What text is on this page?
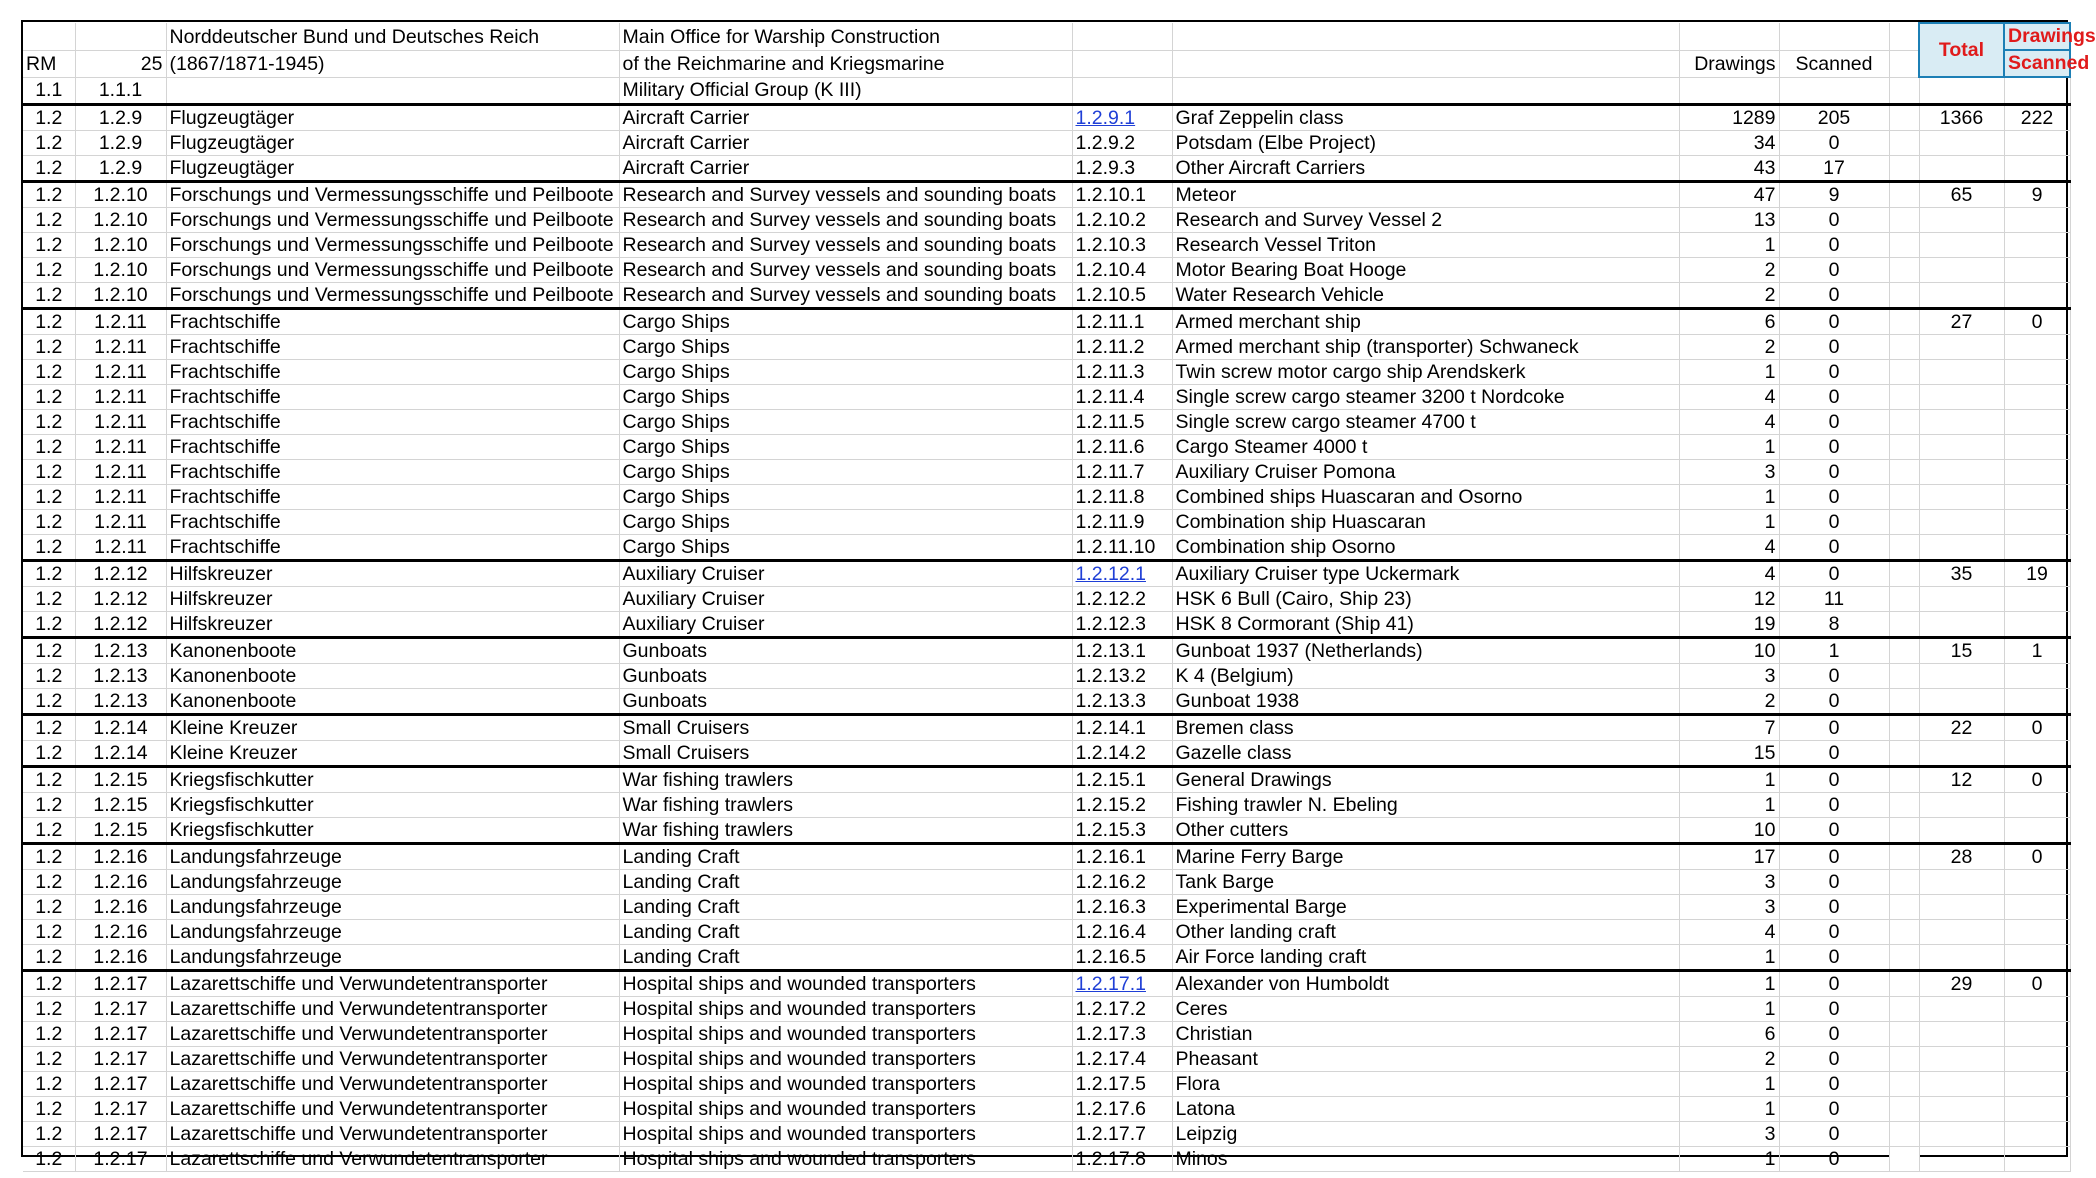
		Norddeutscher Bund und Deutsches Reich	Main Office for Warship Construction						Total	Drawings
RM	25	(1867/1871-1945)	of the Reichmarine and Kriegsmarine			Drawings	Scanned			Scanned
1.1	1.1.1		Military Official Group (K III)							
1.2	1.2.9	Flugzeugtäger	Aircraft Carrier	1.2.9.1	Graf Zeppelin class	1289	205		1366	222
1.2	1.2.9	Flugzeugtäger	Aircraft Carrier	1.2.9.2	Potsdam (Elbe Project)	34	0			
1.2	1.2.9	Flugzeugtäger	Aircraft Carrier	1.2.9.3	Other Aircraft Carriers	43	17			
1.2	1.2.10	Forschungs und Vermessungsschiffe und Peilboote	Research and Survey vessels and sounding boats	1.2.10.1	Meteor	47	9		65	9
1.2	1.2.10	Forschungs und Vermessungsschiffe und Peilboote	Research and Survey vessels and sounding boats	1.2.10.2	Research and Survey Vessel 2	13	0			
1.2	1.2.10	Forschungs und Vermessungsschiffe und Peilboote	Research and Survey vessels and sounding boats	1.2.10.3	Research Vessel Triton	1	0			
1.2	1.2.10	Forschungs und Vermessungsschiffe und Peilboote	Research and Survey vessels and sounding boats	1.2.10.4	Motor Bearing Boat Hooge	2	0			
1.2	1.2.10	Forschungs und Vermessungsschiffe und Peilboote	Research and Survey vessels and sounding boats	1.2.10.5	Water Research Vehicle	2	0			
1.2	1.2.11	Frachtschiffe	Cargo Ships	1.2.11.1	Armed merchant ship	6	0		27	0
1.2	1.2.11	Frachtschiffe	Cargo Ships	1.2.11.2	Armed merchant ship (transporter) Schwaneck	2	0			
1.2	1.2.11	Frachtschiffe	Cargo Ships	1.2.11.3	Twin screw motor cargo ship Arendskerk	1	0			
1.2	1.2.11	Frachtschiffe	Cargo Ships	1.2.11.4	Single screw cargo steamer 3200 t Nordcoke	4	0			
1.2	1.2.11	Frachtschiffe	Cargo Ships	1.2.11.5	Single screw cargo steamer 4700 t	4	0			
1.2	1.2.11	Frachtschiffe	Cargo Ships	1.2.11.6	Cargo Steamer 4000 t	1	0			
1.2	1.2.11	Frachtschiffe	Cargo Ships	1.2.11.7	Auxiliary Cruiser Pomona	3	0			
1.2	1.2.11	Frachtschiffe	Cargo Ships	1.2.11.8	Combined ships Huascaran and Osorno	1	0			
1.2	1.2.11	Frachtschiffe	Cargo Ships	1.2.11.9	Combination ship Huascaran	1	0			
1.2	1.2.11	Frachtschiffe	Cargo Ships	1.2.11.10	Combination ship Osorno	4	0			
1.2	1.2.12	Hilfskreuzer	Auxiliary Cruiser	1.2.12.1	Auxiliary Cruiser type Uckermark	4	0		35	19
1.2	1.2.12	Hilfskreuzer	Auxiliary Cruiser	1.2.12.2	HSK 6 Bull (Cairo, Ship 23)	12	11			
1.2	1.2.12	Hilfskreuzer	Auxiliary Cruiser	1.2.12.3	HSK 8 Cormorant (Ship 41)	19	8			
1.2	1.2.13	Kanonenboote	Gunboats	1.2.13.1	Gunboat 1937 (Netherlands)	10	1		15	1
1.2	1.2.13	Kanonenboote	Gunboats	1.2.13.2	K 4 (Belgium)	3	0			
1.2	1.2.13	Kanonenboote	Gunboats	1.2.13.3	Gunboat 1938	2	0			
1.2	1.2.14	Kleine Kreuzer	Small Cruisers	1.2.14.1	Bremen class	7	0		22	0
1.2	1.2.14	Kleine Kreuzer	Small Cruisers	1.2.14.2	Gazelle class	15	0			
1.2	1.2.15	Kriegsfischkutter	War fishing trawlers	1.2.15.1	General Drawings	1	0		12	0
1.2	1.2.15	Kriegsfischkutter	War fishing trawlers	1.2.15.2	Fishing trawler N. Ebeling	1	0			
1.2	1.2.15	Kriegsfischkutter	War fishing trawlers	1.2.15.3	Other cutters	10	0			
1.2	1.2.16	Landungsfahrzeuge	Landing Craft	1.2.16.1	Marine Ferry Barge	17	0		28	0
1.2	1.2.16	Landungsfahrzeuge	Landing Craft	1.2.16.2	Tank Barge	3	0			
1.2	1.2.16	Landungsfahrzeuge	Landing Craft	1.2.16.3	Experimental Barge	3	0			
1.2	1.2.16	Landungsfahrzeuge	Landing Craft	1.2.16.4	Other landing craft	4	0			
1.2	1.2.16	Landungsfahrzeuge	Landing Craft	1.2.16.5	Air Force landing craft	1	0			
1.2	1.2.17	Lazarettschiffe und Verwundetentransporter	Hospital ships and wounded transporters	1.2.17.1	Alexander von Humboldt	1	0		29	0
1.2	1.2.17	Lazarettschiffe und Verwundetentransporter	Hospital ships and wounded transporters	1.2.17.2	Ceres	1	0			
1.2	1.2.17	Lazarettschiffe und Verwundetentransporter	Hospital ships and wounded transporters	1.2.17.3	Christian	6	0			
1.2	1.2.17	Lazarettschiffe und Verwundetentransporter	Hospital ships and wounded transporters	1.2.17.4	Pheasant	2	0			
1.2	1.2.17	Lazarettschiffe und Verwundetentransporter	Hospital ships and wounded transporters	1.2.17.5	Flora	1	0			
1.2	1.2.17	Lazarettschiffe und Verwundetentransporter	Hospital ships and wounded transporters	1.2.17.6	Latona	1	0			
1.2	1.2.17	Lazarettschiffe und Verwundetentransporter	Hospital ships and wounded transporters	1.2.17.7	Leipzig	3	0			
1.2	1.2.17	Lazarettschiffe und Verwundetentransporter	Hospital ships and wounded transporters	1.2.17.8	Minos	1	0			
